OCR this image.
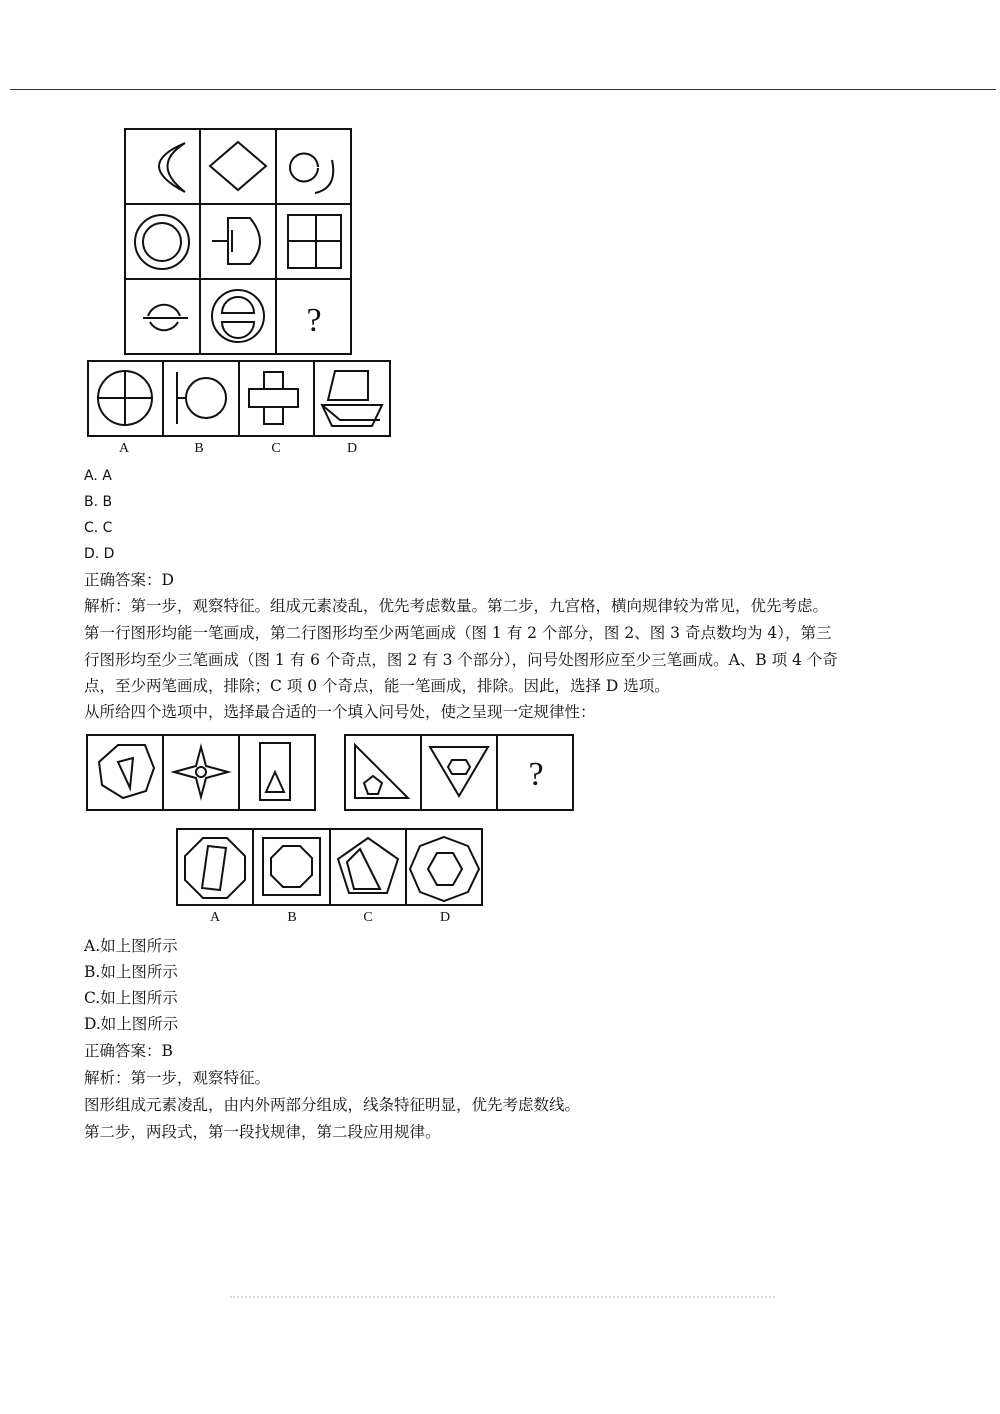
?
A	B	C	D
A. A
B. B
C. C
D. D
正确答案：D
解析：第一步，观察特征。组成元素凌乱，优先考虑数量。第二步，九宫格，横向规律较为常见，优先考虑。
第一行图形均能一笔画成，第二行图形均至少两笔画成（图 1 有 2 个部分，图 2、图 3 奇点数均为 4），第三
行图形均至少三笔画成（图 1 有 6 个奇点，图 2 有 3 个部分），问号处图形应至少三笔画成。A、B 项 4 个奇
点，至少两笔画成，排除；C 项 0 个奇点，能一笔画成，排除。因此，选择 D 选项。
从所给四个选项中，选择最合适的一个填入问号处，使之呈现一定规律性：
?
A	B	C	D
A.如上图所示
B.如上图所示
C.如上图所示
D.如上图所示
正确答案：B
解析：第一步，观察特征。
图形组成元素凌乱，由内外两部分组成，线条特征明显，优先考虑数线。
第二步，两段式，第一段找规律，第二段应用规律。
